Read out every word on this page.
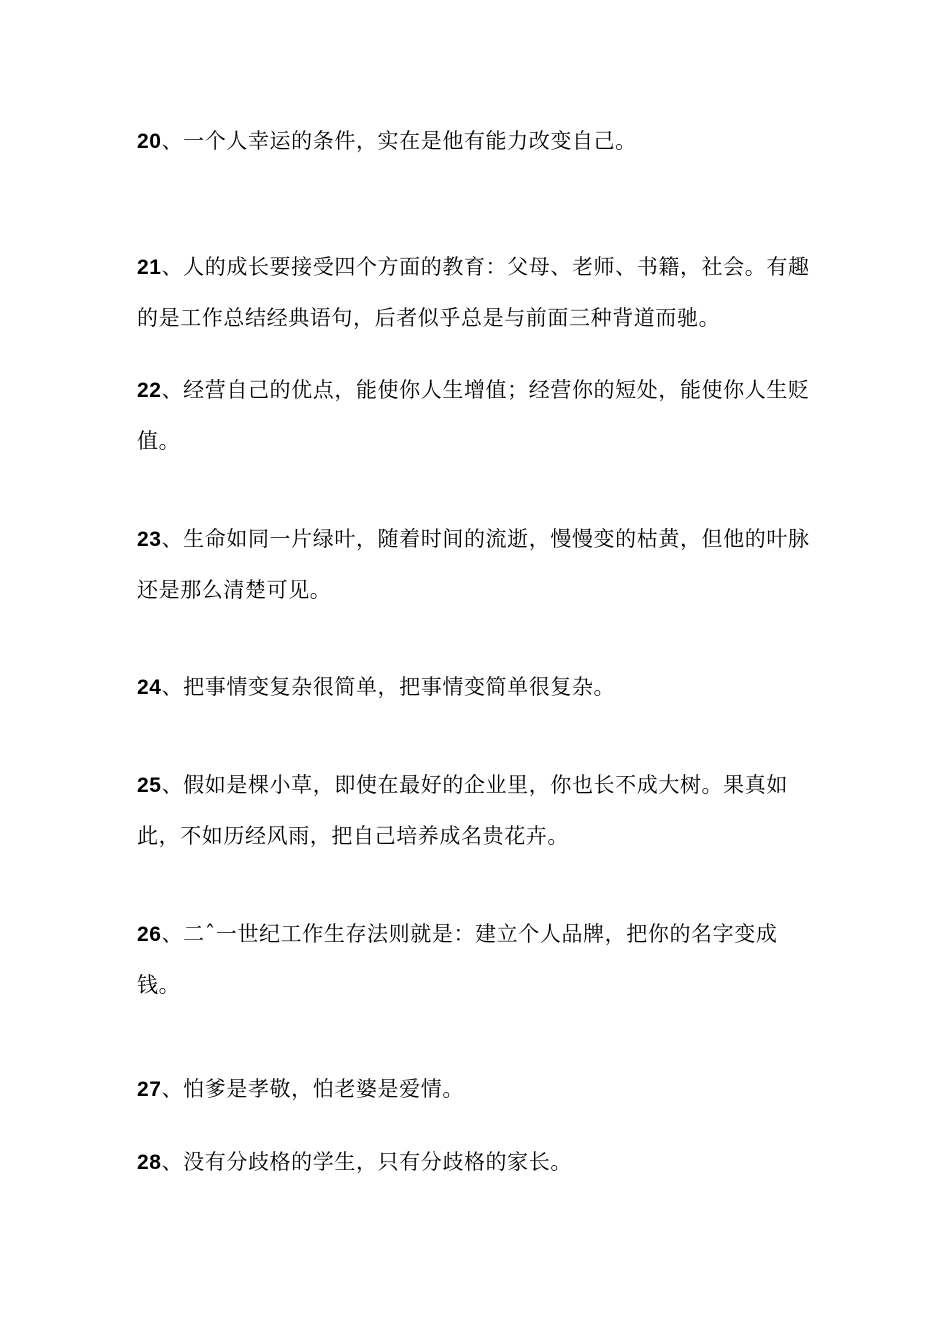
20、一个人幸运的条件，实在是他有能力改变自己。

21、人的成长要接受四个方面的教育：父母、老师、书籍，社会。有趣的是工作总结经典语句，后者似乎总是与前面三种背道而驰。

22、经营自己的优点，能使你人生增值；经营你的短处，能使你人生贬值。

23、生命如同一片绿叶，随着时间的流逝，慢慢变的枯黄，但他的叶脉还是那么清楚可见。

24、把事情变复杂很简单，把事情变简单很复杂。

25、假如是棵小草，即使在最好的企业里，你也长不成大树。果真如此，不如历经风雨，把自己培养成名贵花卉。

26、二ˆ一世纪工作生存法则就是：建立个人品牌，把你的名字变成钱。

27、怕爹是孝敬，怕老婆是爱情。

28、没有分歧格的学生，只有分歧格的家长。
